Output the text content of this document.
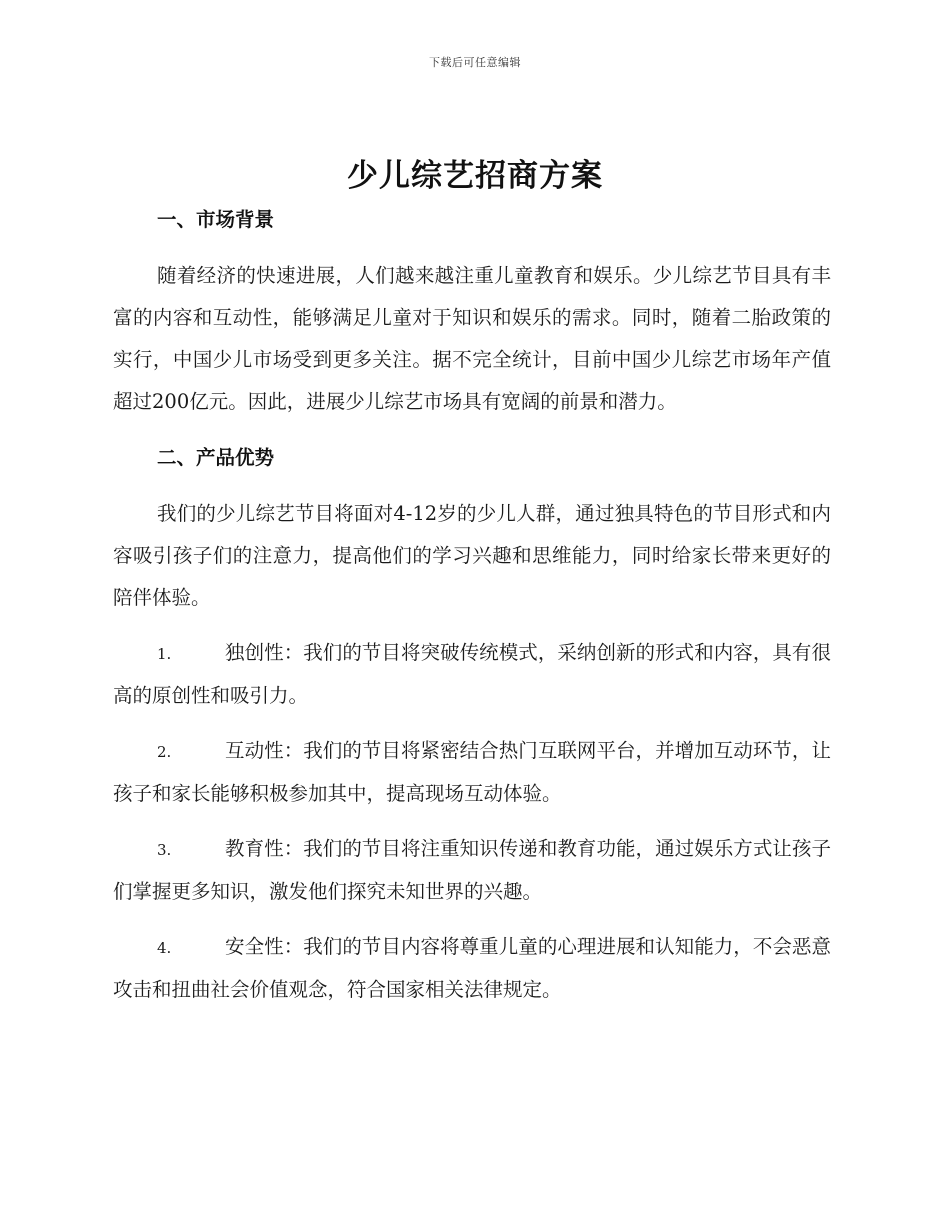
下载后可任意编辑
少儿综艺招商方案
一、市场背景

随着经济的快速进展，人们越来越注重儿童教育和娱乐。少儿综艺节目具有丰富的内容和互动性，能够满足儿童对于知识和娱乐的需求。同时，随着二胎政策的实行，中国少儿市场受到更多关注。据不完全统计，目前中国少儿综艺市场年产值超过200亿元。因此，进展少儿综艺市场具有宽阔的前景和潜力。

二、产品优势

我们的少儿综艺节目将面对4-12岁的少儿人群，通过独具特色的节目形式和内容吸引孩子们的注意力，提高他们的学习兴趣和思维能力，同时给家长带来更好的陪伴体验。

1.	独创性：我们的节目将突破传统模式，采纳创新的形式和内容，具有很高的原创性和吸引力。

2.	互动性：我们的节目将紧密结合热门互联网平台，并增加互动环节，让孩子和家长能够积极参加其中，提高现场互动体验。

3.	教育性：我们的节目将注重知识传递和教育功能，通过娱乐方式让孩子们掌握更多知识，激发他们探究未知世界的兴趣。

4.	安全性：我们的节目内容将尊重儿童的心理进展和认知能力，不会恶意攻击和扭曲社会价值观念，符合国家相关法律规定。
